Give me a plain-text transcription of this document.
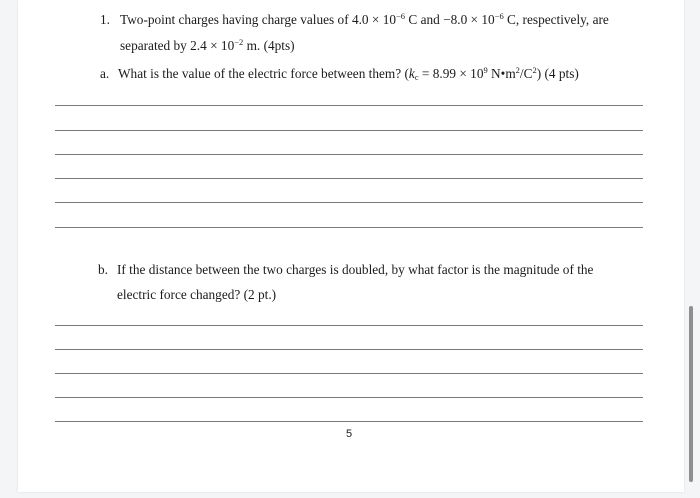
1. Two-point charges having charge values of $4.0 \times 10^{-6}$ C and $-8.0 \times 10^{-6}$ C, respectively, are
separated by $2.4 \times 10^{-2}$ m. (4pts)
a. What is the value of the electric force between them? ($k_c = 8.99 \times 10^9$ $N•m^2/C^2$) (4 pts)
b. If the distance between the two charges is doubled, by what factor is the magnitude of the
electric force changed? (2 pt.)
5
